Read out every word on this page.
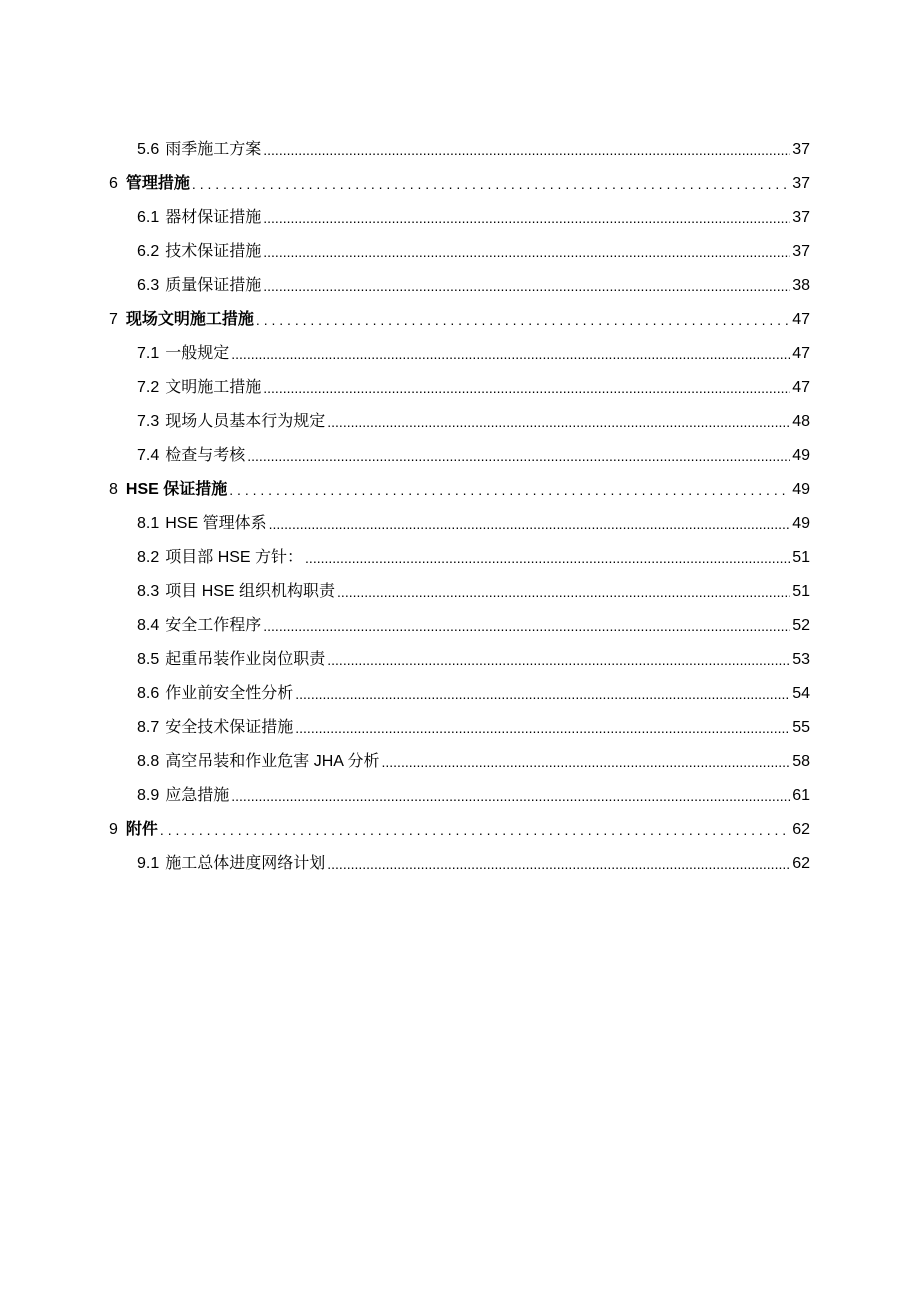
5.6 雨季施工方案 .....	37
6 管理措施 . . .	37
6.1 器材保证措施 .....	37
6.2 技术保证措施 .....	37
6.3 质量保证措施 .....	38
7 现场文明施工措施 . . .	47
7.1 一般规定 .....	47
7.2 文明施工措施 .....	47
7.3 现场人员基本行为规定 .....	48
7.4 检查与考核 .....	49
8 HSE 保证措施 . . .	49
8.1 HSE 管理体系 .....	49
8.2 项目部 HSE 方针： .....	51
8.3 项目 HSE 组织机构职责 .....	51
8.4 安全工作程序 .....	52
8.5 起重吊装作业岗位职责 .....	53
8.6 作业前安全性分析 .....	54
8.7 安全技术保证措施 .....	55
8.8 高空吊装和作业危害 JHA 分析 .....	58
8.9 应急措施 .....	61
9 附件 . . .	62
9.1 施工总体进度网络计划 .....	62
